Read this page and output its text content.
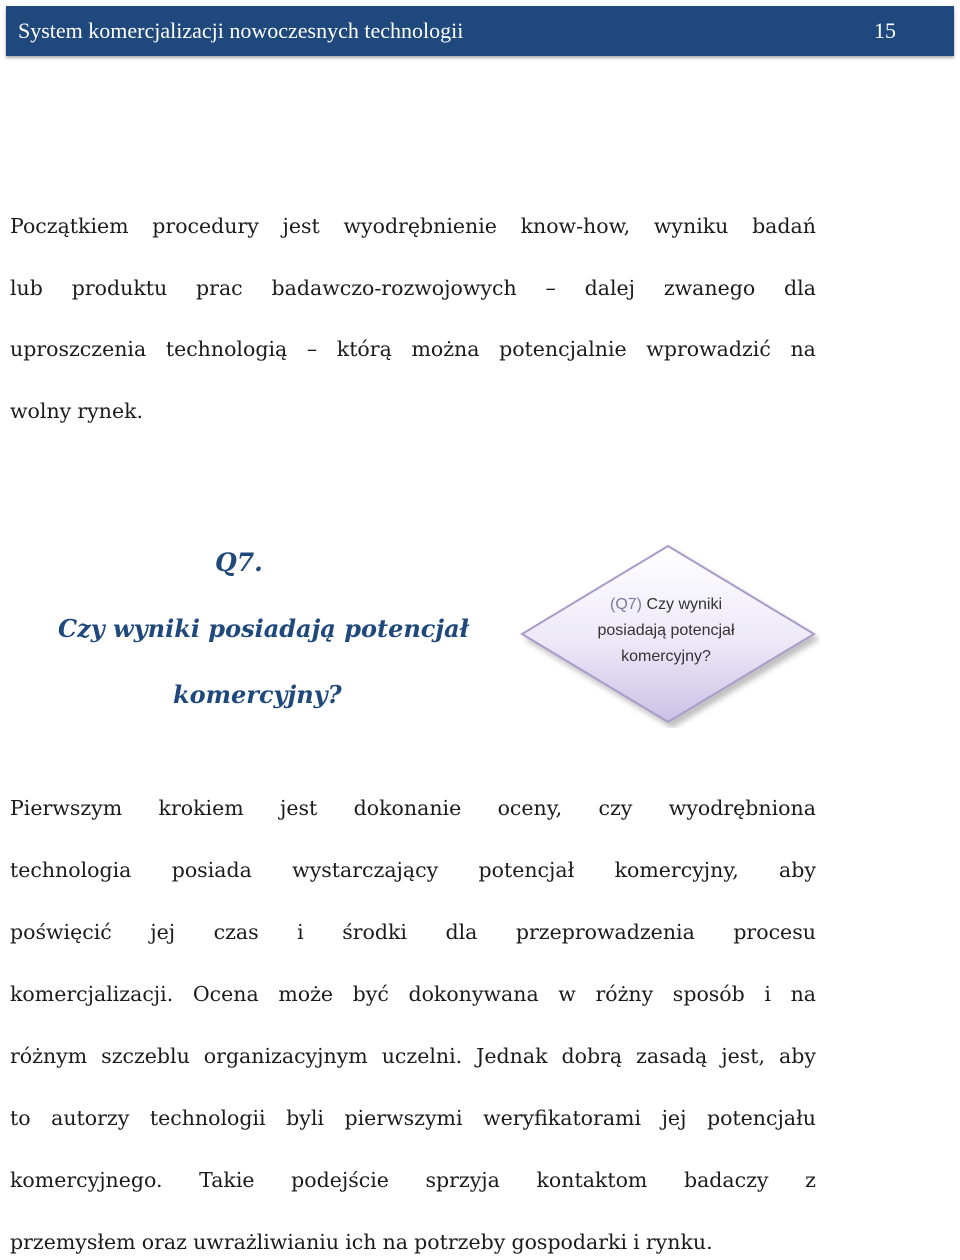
System komercjalizacji nowoczesnych technologii	15
Początkiem procedury jest wyodrębnienie know-how, wyniku badań
lub produktu prac badawczo-rozwojowych – dalej zwanego dla
uproszczenia technologią – którą można potencjalnie wprowadzić na
wolny rynek.
Q7.
Czy wyniki posiadają potencjał
komercyjny?
(Q7) Czy wyniki
posiadają potencjał
komercyjny?
Pierwszym krokiem jest dokonanie oceny, czy wyodrębniona
technologia posiada wystarczający potencjał komercyjny, aby
poświęcić jej czas i środki dla przeprowadzenia procesu
komercjalizacji. Ocena może być dokonywana w różny sposób i na
różnym szczeblu organizacyjnym uczelni. Jednak dobrą zasadą jest, aby
to autorzy technologii byli pierwszymi weryfikatorami jej potencjału
komercyjnego. Takie podejście sprzyja kontaktom badaczy z
przemysłem oraz uwrażliwianiu ich na potrzeby gospodarki i rynku.
